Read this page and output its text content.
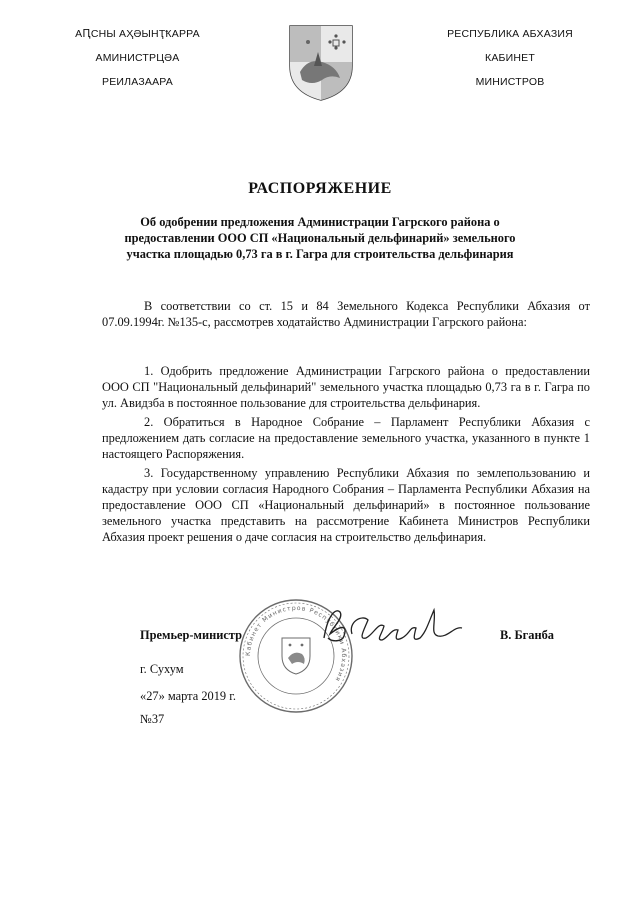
АԤСНЫ АҲӘЫНҬҞАРРА
АМИНИСТРЦӘА
РЕИЛАЗААРА
РЕСПУБЛИКА АБХАЗИЯ
КАБИНЕТ
МИНИСТРОВ
РАСПОРЯЖЕНИЕ
Об одобрении предложения Администрации Гагрского района о
предоставлении ООО СП «Национальный дельфинарий» земельного
участка площадью 0,73 га в г. Гагра для строительства дельфинария

В соответствии со ст. 15 и 84 Земельного Кодекса Республики Абхазия от 07.09.1994г. №135-с, рассмотрев ходатайство Администрации Гагрского района:

1. Одобрить предложение Администрации Гагрского района о предоставлении ООО СП "Национальный дельфинарий" земельного участка площадью 0,73 га в г. Гагра по ул. Авидзба в постоянное пользование для строительства дельфинария.

2. Обратиться в Народное Собрание – Парламент Республики Абхазия с предложением дать согласие на предоставление земельного участка, указанного в пункте 1 настоящего Распоряжения.

3. Государственному управлению Республики Абхазия по землепользованию и кадастру при условии согласия Народного Собрания – Парламента Республики Абхазия на предоставление ООО СП «Национальный дельфинарий» в постоянное пользование земельного участка представить на рассмотрение Кабинета Министров Республики Абхазия проект решения о даче согласия на строительство дельфинария.

Кабинет Министров Республики Абхазия
Премьер-министр	В. Бганба
г. Сухум
«27» марта 2019 г.
№37
